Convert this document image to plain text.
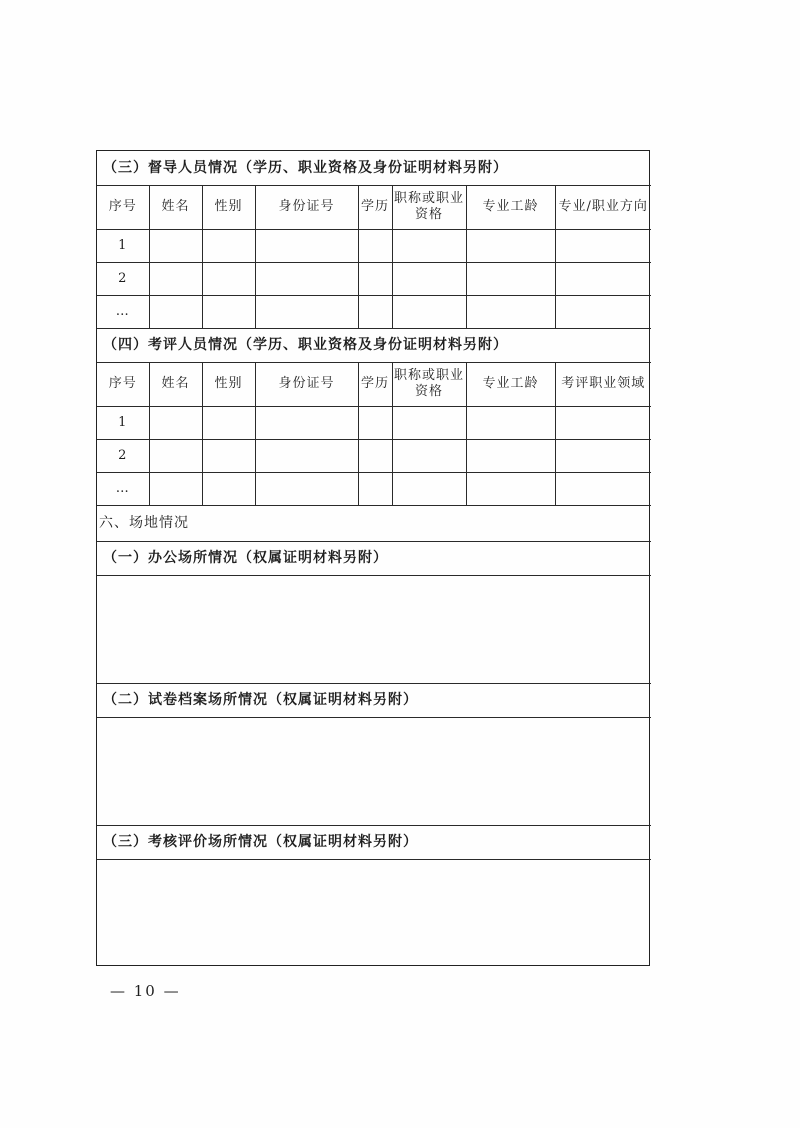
（三）督导人员情况（学历、职业资格及身份证明材料另附）							
序号	姓名	性别	身份证号	学历	职称或职业资格	专业工龄	专业/职业方向
1							
2							
…							
（四）考评人员情况（学历、职业资格及身份证明材料另附）							
序号	姓名	性别	身份证号	学历	职称或职业资格	专业工龄	考评职业领域
1							
2							
…							
六、场地情况							
（一）办公场所情况（权属证明材料另附）							

（二）试卷档案场所情况（权属证明材料另附）							

（三）考核评价场所情况（权属证明材料另附）							

— 10 —
